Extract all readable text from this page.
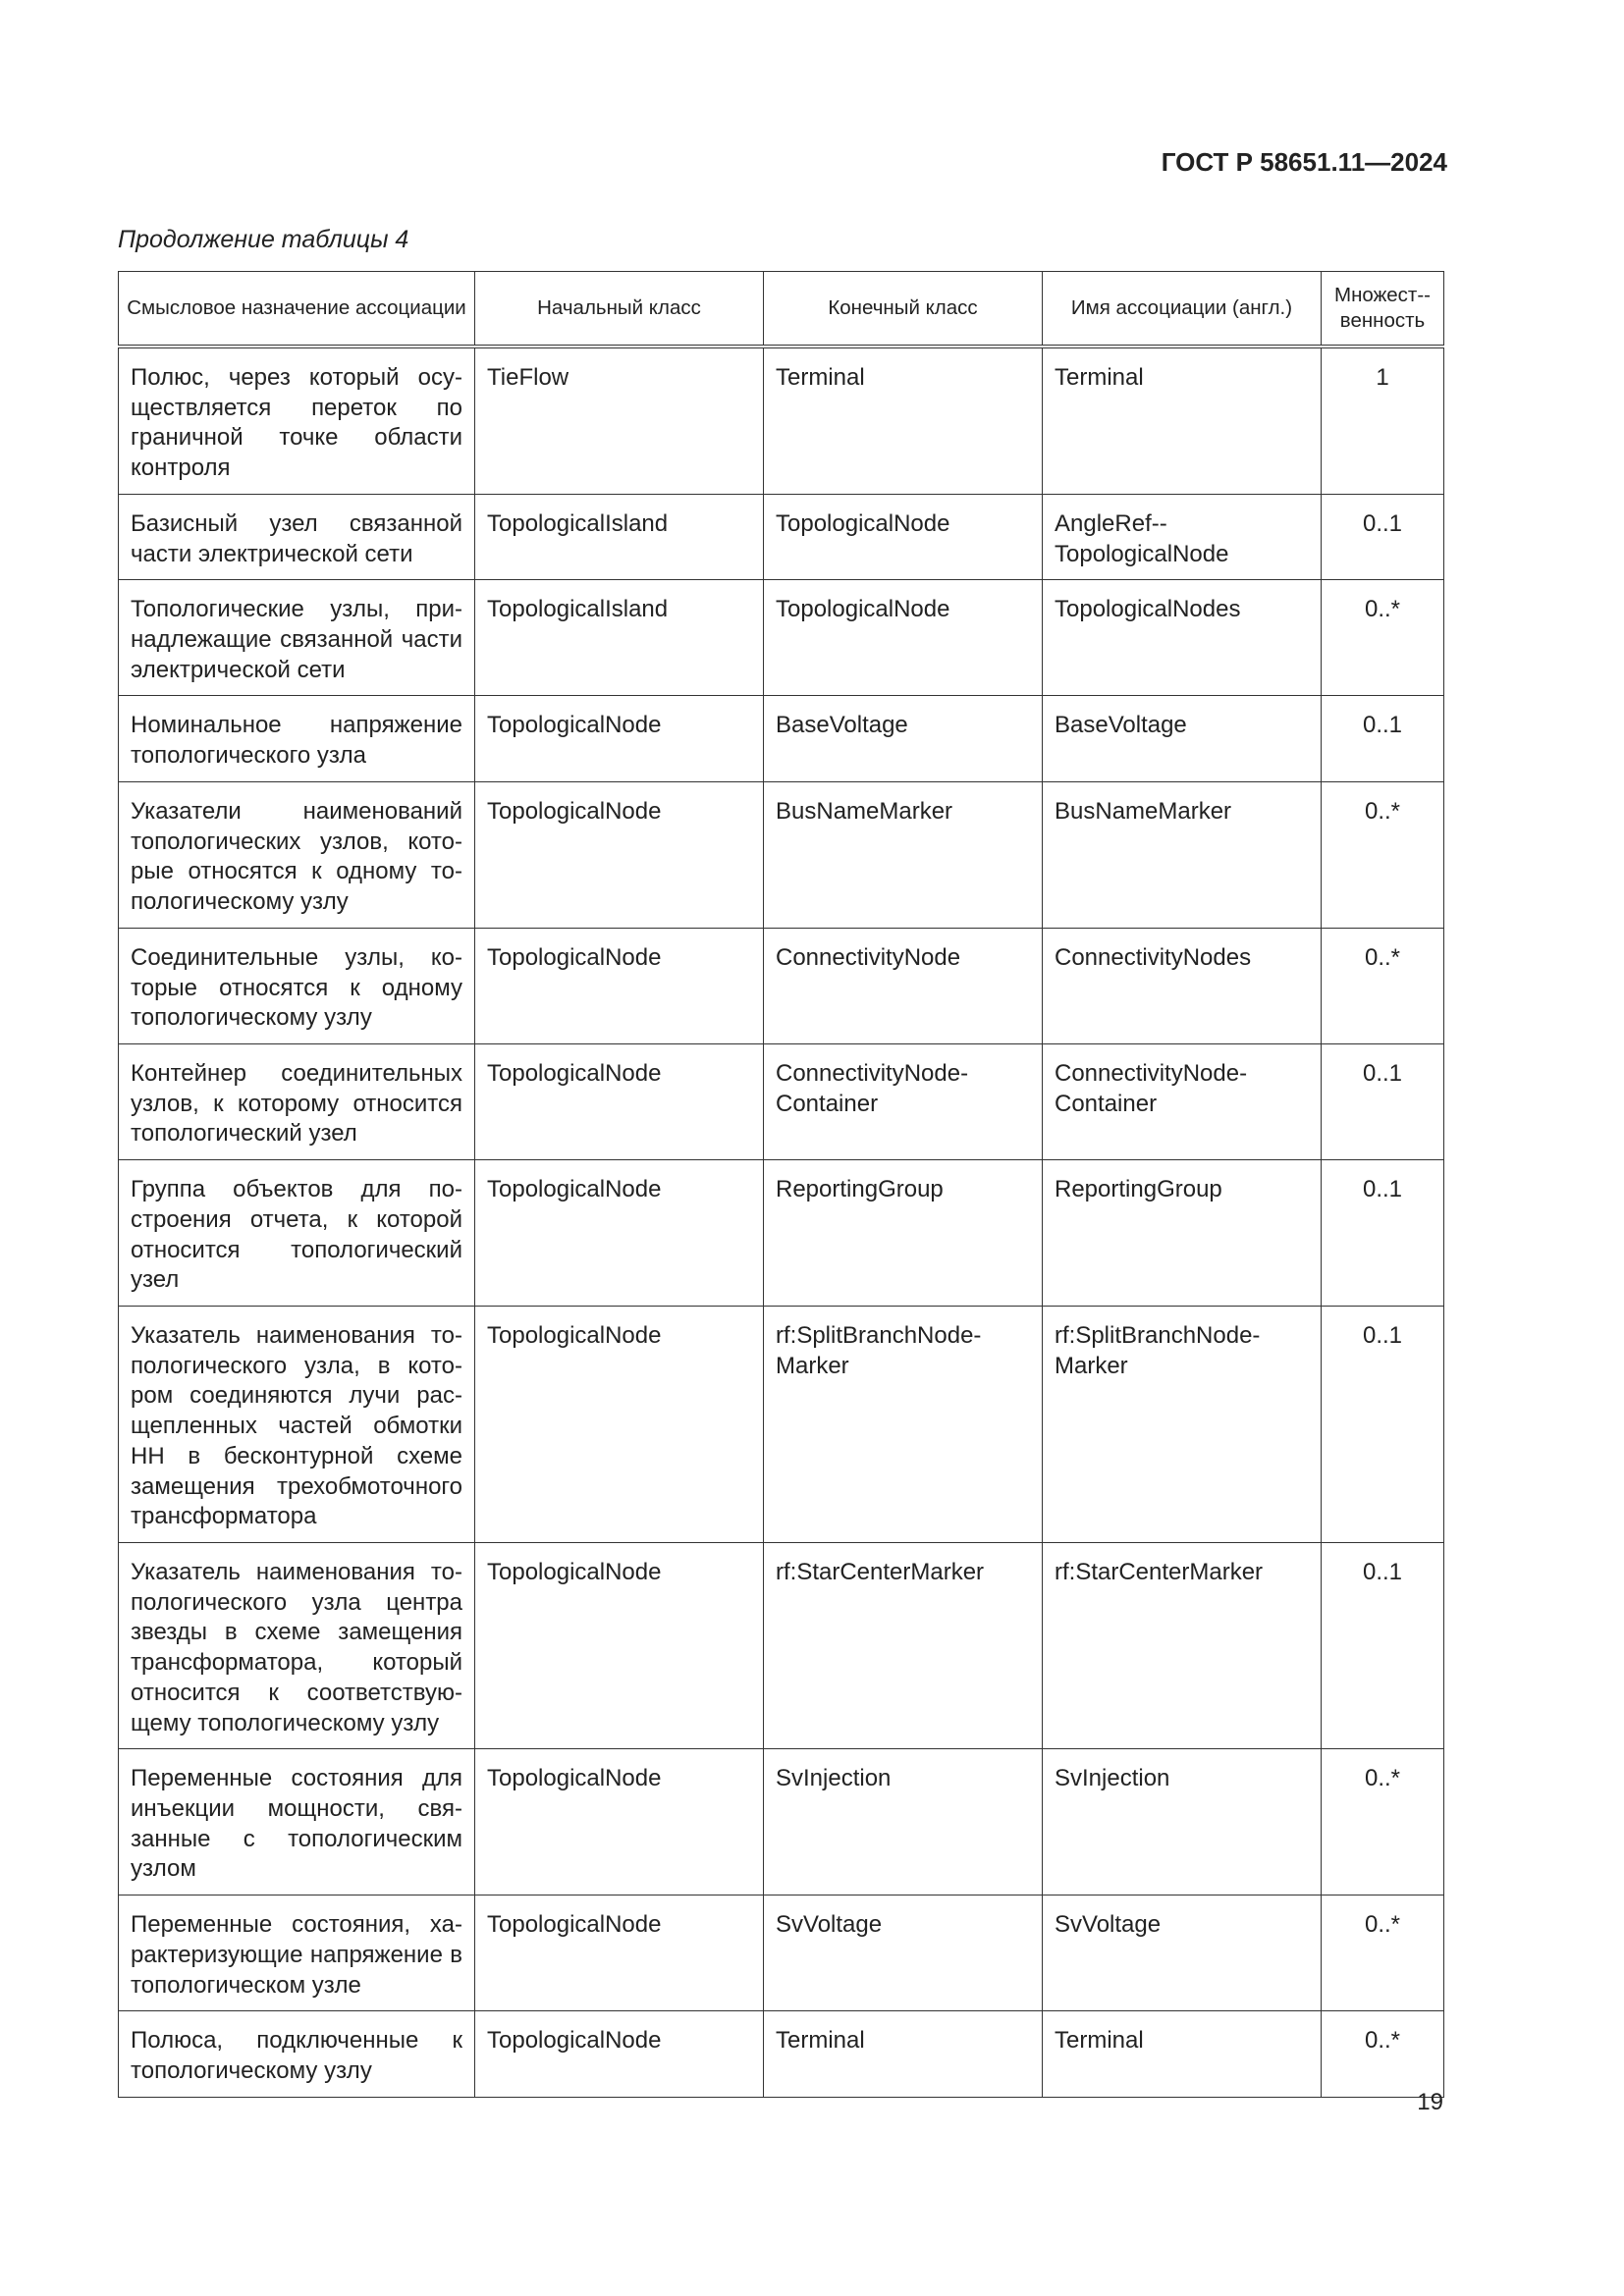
ГОСТ Р 58651.11—2024
Продолжение таблицы 4
Смысловое назначение ассоциации	Начальный класс	Конечный класс	Имя ассоциации (англ.)	Множест-венность
Полюс, через который осуществляется переток по граничной точке области контроля	TieFlow	Terminal	Terminal	1
Базисный узел связанной части электрической сети	TopologicalIsland	TopologicalNode	AngleRef-TopologicalNode	0..1
Топологические узлы, принадлежащие связанной части электрической сети	TopologicalIsland	TopologicalNode	TopologicalNodes	0..*
Номинальное напряжение топологического узла	TopologicalNode	BaseVoltage	BaseVoltage	0..1
Указатели наименований топологических узлов, которые относятся к одному топологическому узлу	TopologicalNode	BusNameMarker	BusNameMarker	0..*
Соединительные узлы, которые относятся к одному топологическому узлу	TopologicalNode	ConnectivityNode	ConnectivityNodes	0..*
Контейнер соединительных узлов, к которому относится топологический узел	TopologicalNode	ConnectivityNode-Container	ConnectivityNode-Container	0..1
Группа объектов для построения отчета, к которой относится топологический узел	TopologicalNode	ReportingGroup	ReportingGroup	0..1
Указатель наименования топологического узла, в котором соединяются лучи расщепленных частей обмотки НН в бесконтурной схеме замещения трехобмоточного трансформатора	TopologicalNode	rf:SplitBranchNode-Marker	rf:SplitBranchNode-Marker	0..1
Указатель наименования топологического узла центра звезды в схеме замещения трансформатора, который относится к соответствующему топологическому узлу	TopologicalNode	rf:StarCenterMarker	rf:StarCenterMarker	0..1
Переменные состояния для инъекции мощности, связанные с топологическим узлом	TopologicalNode	SvInjection	SvInjection	0..*
Переменные состояния, характеризующие напряжение в топологическом узле	TopologicalNode	SvVoltage	SvVoltage	0..*
Полюса, подключенные к топологическому узлу	TopologicalNode	Terminal	Terminal	0..*
19
